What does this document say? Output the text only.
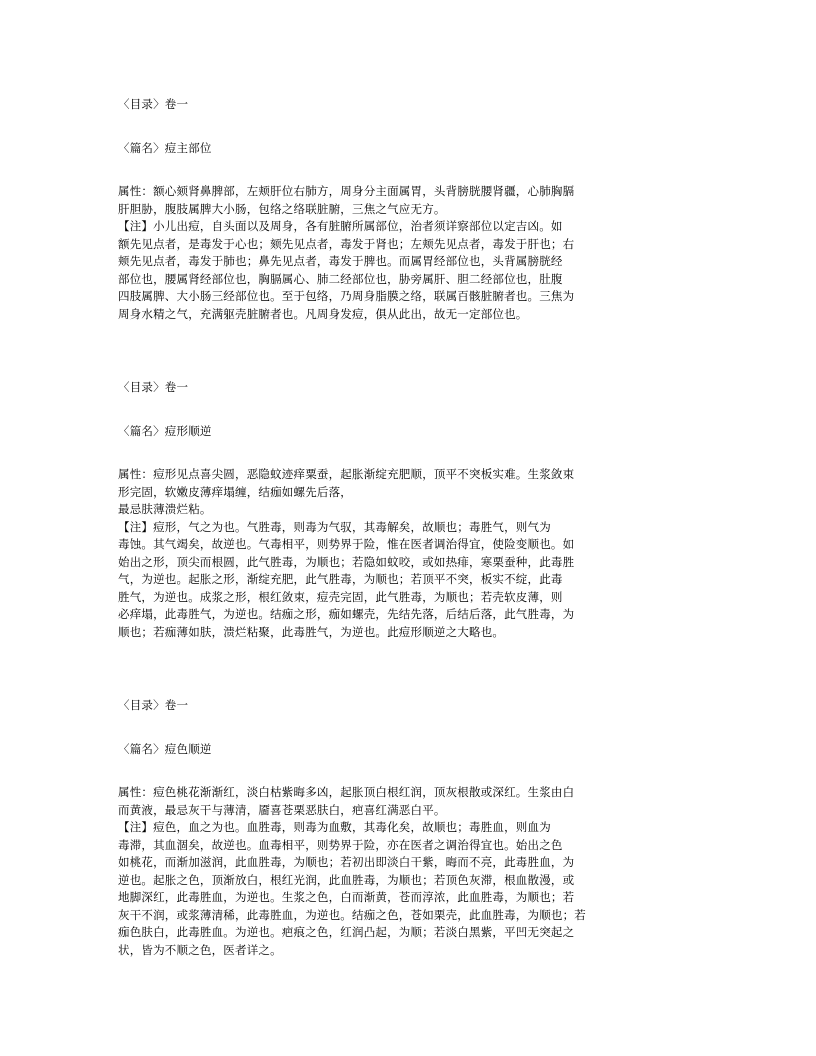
〈目录〉卷一
〈篇名〉痘主部位
属性：额心颏肾鼻脾部，左颊肝位右肺方，周身分主面属胃，头背膀胱腰肾疆，心肺胸膈
肝胆胁，腹肢属脾大小肠，包络之络联脏腑，三焦之气应无方。
【注】小儿出痘，自头面以及周身，各有脏腑所属部位，治者须详察部位以定吉凶。如
额先见点者，是毒发于心也；颏先见点者，毒发于肾也；左颊先见点者，毒发于肝也；右
颊先见点者，毒发于肺也；鼻先见点者，毒发于脾也。而属胃经部位也，头背属膀胱经
部位也，腰属肾经部位也，胸膈属心、肺二经部位也，胁旁属肝、胆二经部位也，肚腹
四肢属脾、大小肠三经部位也。至于包络，乃周身脂膜之络，联属百骸脏腑者也。三焦为
周身水精之气，充满躯壳脏腑者也。凡周身发痘，俱从此出，故无一定部位也。
〈目录〉卷一
〈篇名〉痘形顺逆
属性：痘形见点喜尖圆，恶隐蚊迹痒粟蚕，起胀渐绽充肥顺，顶平不突板实难。生浆敛束
形完固，软嫩皮薄痒塌缠，结痂如螺先后落，
最忌肤薄溃烂粘。
【注】痘形，气之为也。气胜毒，则毒为气驭，其毒解矣，故顺也；毒胜气，则气为
毒蚀。其气竭矣，故逆也。气毒相平，则势界于险，惟在医者调治得宜，使险变顺也。如
始出之形，顶尖而根圆，此气胜毒，为顺也；若隐如蚊咬，或如热痱，寒栗蚕种，此毒胜
气，为逆也。起胀之形，渐绽充肥，此气胜毒，为顺也；若顶平不突，板实不绽，此毒
胜气，为逆也。成浆之形，根红敛束，痘壳完固，此气胜毒，为顺也；若壳软皮薄，则
必痒塌，此毒胜气，为逆也。结痂之形，痂如螺壳，先结先落，后结后落，此气胜毒，为
顺也；若痂薄如肤，溃烂粘聚，此毒胜气，为逆也。此痘形顺逆之大略也。
〈目录〉卷一
〈篇名〉痘色顺逆
属性：痘色桃花渐渐红，淡白枯紫晦多凶，起胀顶白根红润，顶灰根散或深红。生浆由白
而黄液，最忌灰干与薄清，靥喜苍栗恶肤白，疤喜红满恶白平。
【注】痘色，血之为也。血胜毒，则毒为血敷，其毒化矣，故顺也；毒胜血，则血为
毒滞，其血涸矣，故逆也。血毒相平，则势界于险，亦在医者之调治得宜也。始出之色
如桃花，而渐加滋润，此血胜毒，为顺也；若初出即淡白干紫，晦而不亮，此毒胜血，为
逆也。起胀之色，顶渐放白，根红光润，此血胜毒，为顺也；若顶色灰滞，根血散漫，或
地脚深红，此毒胜血，为逆也。生浆之色，白而渐黄，苍而淳浓，此血胜毒，为顺也；若
灰干不润，或浆薄清稀，此毒胜血，为逆也。结痂之色，苍如栗壳，此血胜毒，为顺也；若
痂色肤白，此毒胜血。为逆也。疤痕之色，红润凸起，为顺；若淡白黑紫，平凹无突起之
状，皆为不顺之色，医者详之。
